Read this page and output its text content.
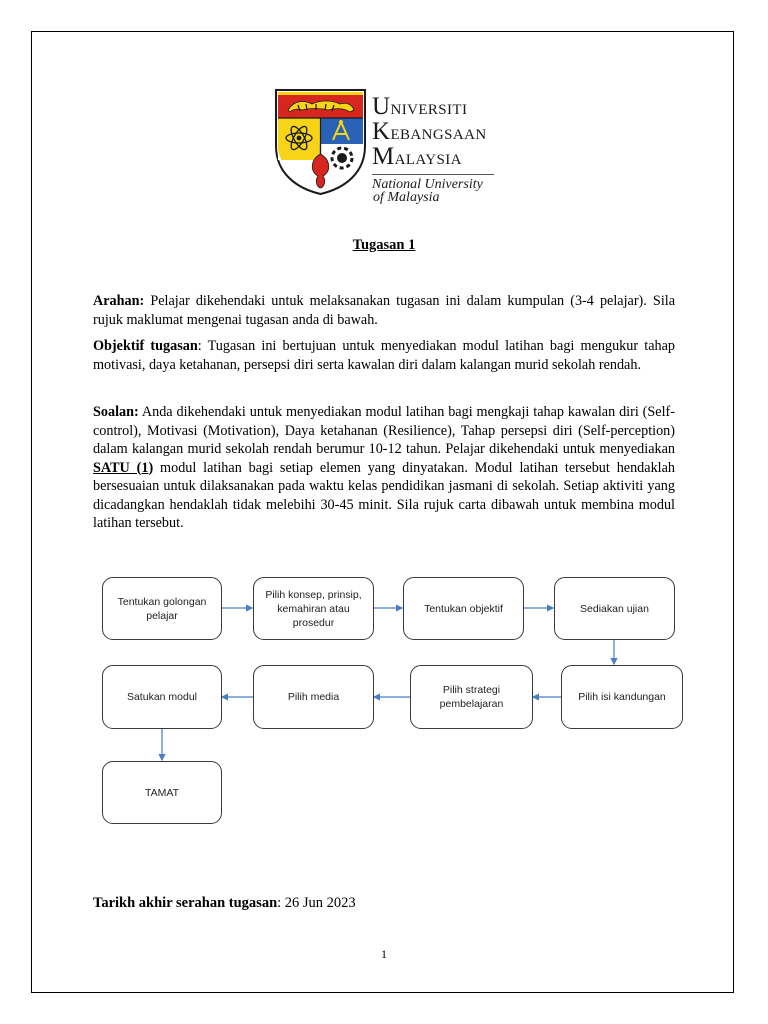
UNIVERSITI
KEBANGSAAN
MALAYSIA
National University
of Malaysia
Tugasan 1
Arahan: Pelajar dikehendaki untuk melaksanakan tugasan ini dalam kumpulan (3-4 pelajar). Sila rujuk maklumat mengenai tugasan anda di bawah.
Objektif tugasan: Tugasan ini bertujuan untuk menyediakan modul latihan bagi mengukur tahap motivasi, daya ketahanan, persepsi diri serta kawalan diri dalam kalangan murid sekolah rendah.
Soalan: Anda dikehendaki untuk menyediakan modul latihan bagi mengkaji tahap kawalan diri (Self-control), Motivasi (Motivation), Daya ketahanan (Resilience), Tahap persepsi diri (Self-perception) dalam kalangan murid sekolah rendah berumur 10-12 tahun. Pelajar dikehendaki untuk menyediakan SATU (1) modul latihan bagi setiap elemen yang dinyatakan. Modul latihan tersebut hendaklah bersesuaian untuk dilaksanakan pada waktu kelas pendidikan jasmani di sekolah. Setiap aktiviti yang dicadangkan hendaklah tidak melebihi 30-45 minit. Sila rujuk carta dibawah untuk membina modul latihan tersebut.
Tentukan golongan pelajar
Pilih konsep, prinsip, kemahiran atau prosedur
Tentukan objektif	Sediakan ujian
Pilih isi kandungan
Pilih strategi pembelajaran
Pilih media
Satukan modul
TAMAT
Tarikh akhir serahan tugasan: 26 Jun 2023
1
